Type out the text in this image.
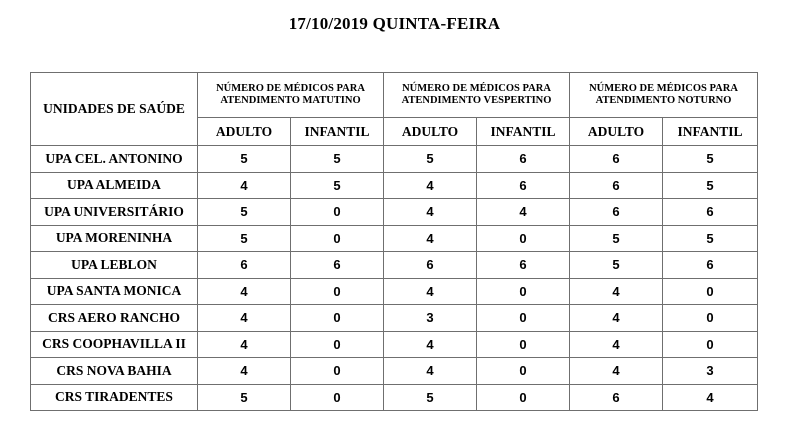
17/10/2019 QUINTA-FEIRA
UNIDADES DE SAÚDE	NÚMERO DE MÉDICOS PARA ATENDIMENTO MATUTINO		NÚMERO DE MÉDICOS PARA ATENDIMENTO VESPERTINO		NÚMERO DE MÉDICOS PARA ATENDIMENTO NOTURNO	
	ADULTO	INFANTIL	ADULTO	INFANTIL	ADULTO	INFANTIL
UPA CEL. ANTONINO	5	5	5	6	6	5
UPA ALMEIDA	4	5	4	6	6	5
UPA UNIVERSITÁRIO	5	0	4	4	6	6
UPA MORENINHA	5	0	4	0	5	5
UPA LEBLON	6	6	6	6	5	6
UPA SANTA MONICA	4	0	4	0	4	0
CRS AERO RANCHO	4	0	3	0	4	0
CRS COOPHAVILLA II	4	0	4	0	4	0
CRS NOVA BAHIA	4	0	4	0	4	3
CRS TIRADENTES	5	0	5	0	6	4
